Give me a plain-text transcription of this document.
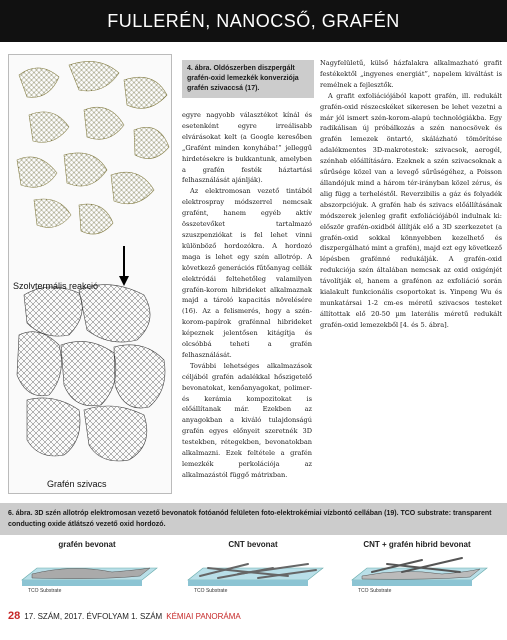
FULLERÉN, NANOCSŐ, GRAFÉN
Szolvtermális reakció
Grafén szivacs
4. ábra. Oldószerben diszpergált grafén-oxid lemezkék konverziója grafén szivaccsá (17).

egyre nagyobb választékot kínál és esetenként egyre irreálisabb elvárásokat kelt (a Google keresőben „Grafént minden konyhába!” jelleggű hirdetésekre is bukkantunk, amelyben a grafén festék háztartási felhasználását ajánlják).

Az elektromosan vezető tintából elektrospray módszerrel nemcsak grafént, hanem egyéb aktív összetevőket tartalmazó szuszpenziókat is fel lehet vinni különböző hordozókra. A hordozó maga is lehet egy szén allotróp. A következő generációs fűtőanyag cellák elektródái feltehetőleg valamilyen grafén-korom hibrideket alkalmaznak majd a tároló kapacitás növelésére (16). Az a felismerés, hogy a szén-korom-papírok grafénnal hibrideket képeznek jelentősen kitágítja és olcsóbbá teheti a grafén felhasználását.

További lehetséges alkalmazások céljából grafén adalékkal hőszigetelő bevonatokat, kenőanyagokat, polimer- és kerámia kompozitokat is előállítanak már. Ezekben az anyagokban a kiváló tulajdonságú grafén egyes előnyeit szeretnék 3D testekben, rétegekben, bevonatokban alkalmazni. Ezek feltétele a grafén lemezkék perkolációja az alkalmazástól függő mátrixban.

Nagyfelületű, külső házfalakra alkalmazható grafit festékektől „ingyenes energiát”, napelem kiváltást is remélnek a fejlesztők.

A grafit exfoliációjából kapott grafén, ill. redukált grafén-oxid részecskéket sikeresen be lehet vezetni a már jól ismert szén-korom-alapú technológiákba. Egy radikálisan új próbálkozás a szén nanocsövek és grafén lemezek öntartó, skálázható tömörítése adalékmentes 3D-makrotestek: szivacsok, aerogél, szénhab előállítására. Ezeknek a szén szivacsoknak a sűrűsége közel van a levegő sűrűségéhez, a Poisson állandójuk mind a három tér-irányban közel zérus, és alig függ a terheléstől. Reverzibilis a gáz és folyadék abszorpciójuk. A grafén hab és szivacs előállításának módszerek jelenleg grafit exfoliációjából indulnak ki: először grafén-oxidból állítják elő a 3D szerkezetet (a grafén-oxid sokkal könnyebben kezelhető és diszpergálható mint a grafén), majd ezt egy következő lépésben grafénné redukálják. A grafén-oxid redukciója szén általában nemcsak az oxid oxigénjét távolítják el, hanem a grafénon az exfoliáció során kialakult funkcionális csoportokat is. Yinpeng Wu és munkatársai 1-2 cm-es méretű szivacsos testeket állítottak elő 20-50 µm laterális méretű redukált grafén-oxid lemezekből [4. és 5. ábra].

6. ábra. 3D szén allotróp elektromosan vezető bevonatok fotóanód felületen foto-elektrokémiai vízbontó cellában (19). TCO substrate: transparent conducting oxide átlátszó vezető oxid hordozó.
grafén bevonat
TCO Substrate
CNT bevonat
TCO Substrate
CNT + grafén hibrid bevonat
TCO Substrate
28 17. SZÁM, 2017. ÉVFOLYAM 1. SZÁM KÉMIAI PANORÁMA
